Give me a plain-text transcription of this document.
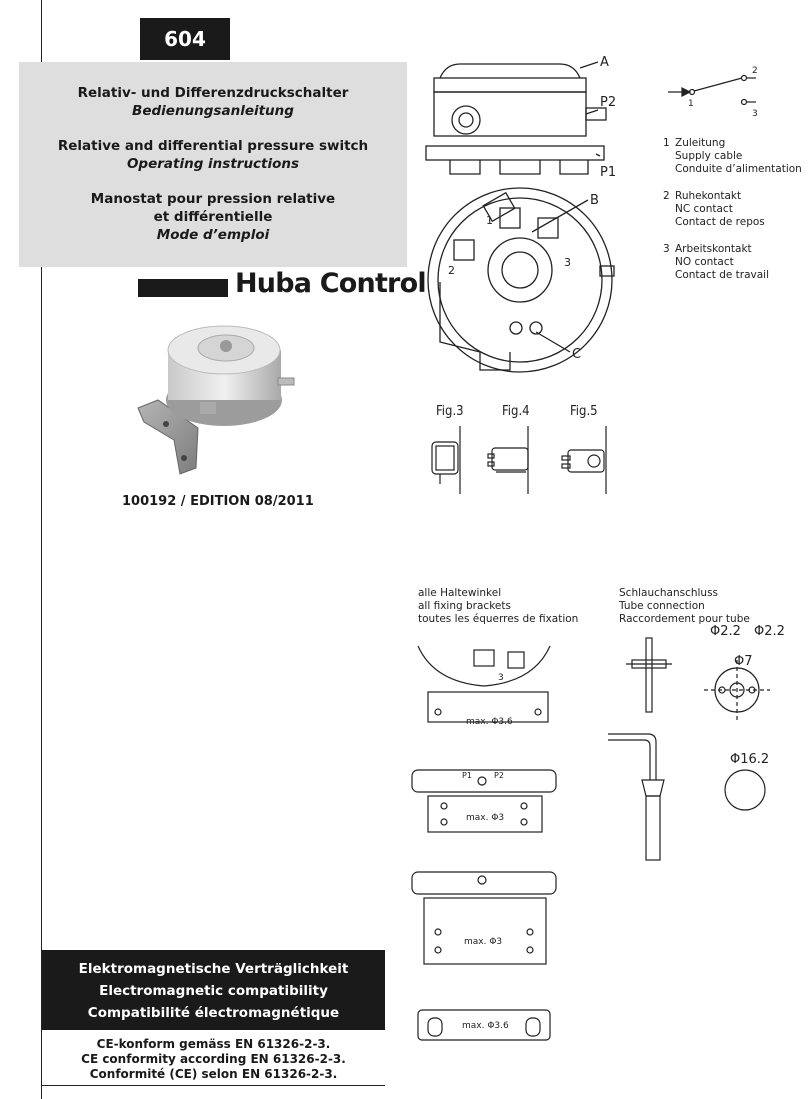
604
Relativ- und Differenzdruckschalter
Bedienungsanleitung
Relative and differential pressure switch
Operating instructions
Manostat pour pression relative
et différentielle
Mode d’emploi
Huba Control
100192 / EDITION 08/2011
A
P2
P1
B
C
1
2
3
1
2
3
1 Zuleitung
Supply cable
Conduite d’alimentation
2 Ruhekontakt
NC contact
Contact de repos
3 Arbeitskontakt
NO contact
Contact de travail
Fig.3	Fig.4	Fig.5
alle Haltewinkel
all fixing brackets
toutes les équerres de fixation
Schlauchanschluss
Tube connection
Raccordement pour tube
3
max. Φ3.6
P1	P2
max. Φ3
max. Φ3
max. Φ3.6
Φ2.2 Φ2.2
Φ7
Φ16.2
Elektromagnetische Verträglichkeit
Electromagnetic compatibility
Compatibilité électromagnétique
CE-konform gemäss EN 61326-2-3.
CE conformity according EN 61326-2-3.
Conformité (CE) selon EN 61326-2-3.
